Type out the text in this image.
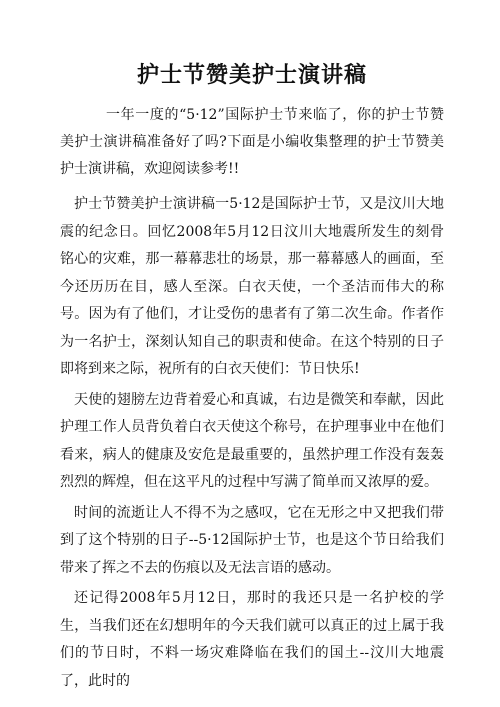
护士节赞美护士演讲稿

一年一度的“5·12”国际护士节来临了，你的护士节赞美护士演讲稿准备好了吗?下面是小编收集整理的护士节赞美护士演讲稿，欢迎阅读参考!!

护士节赞美护士演讲稿一5·12是国际护士节，又是汶川大地震的纪念日。回忆2008年5月12日汶川大地震所发生的刻骨铭心的灾难，那一幕幕悲壮的场景，那一幕幕感人的画面，至今还历历在目，感人至深。白衣天使，一个圣洁而伟大的称号。因为有了他们，才让受伤的患者有了第二次生命。作者作为一名护士，深刻认知自己的职责和使命。在这个特别的日子即将到来之际，祝所有的白衣天使们：节日快乐!

天使的翅膀左边背着爱心和真诚，右边是微笑和奉献，因此护理工作人员背负着白衣天使这个称号，在护理事业中在他们看来，病人的健康及安危是最重要的，虽然护理工作没有轰轰烈烈的辉煌，但在这平凡的过程中写满了简单而又浓厚的爱。

时间的流逝让人不得不为之感叹，它在无形之中又把我们带到了这个特别的日子--5·12国际护士节，也是这个节日给我们带来了挥之不去的伤痕以及无法言语的感动。

还记得2008年5月12日，那时的我还只是一名护校的学生，当我们还在幻想明年的今天我们就可以真正的过上属于我们的节日时，不料一场灾难降临在我们的国土--汶川大地震了，此时的
